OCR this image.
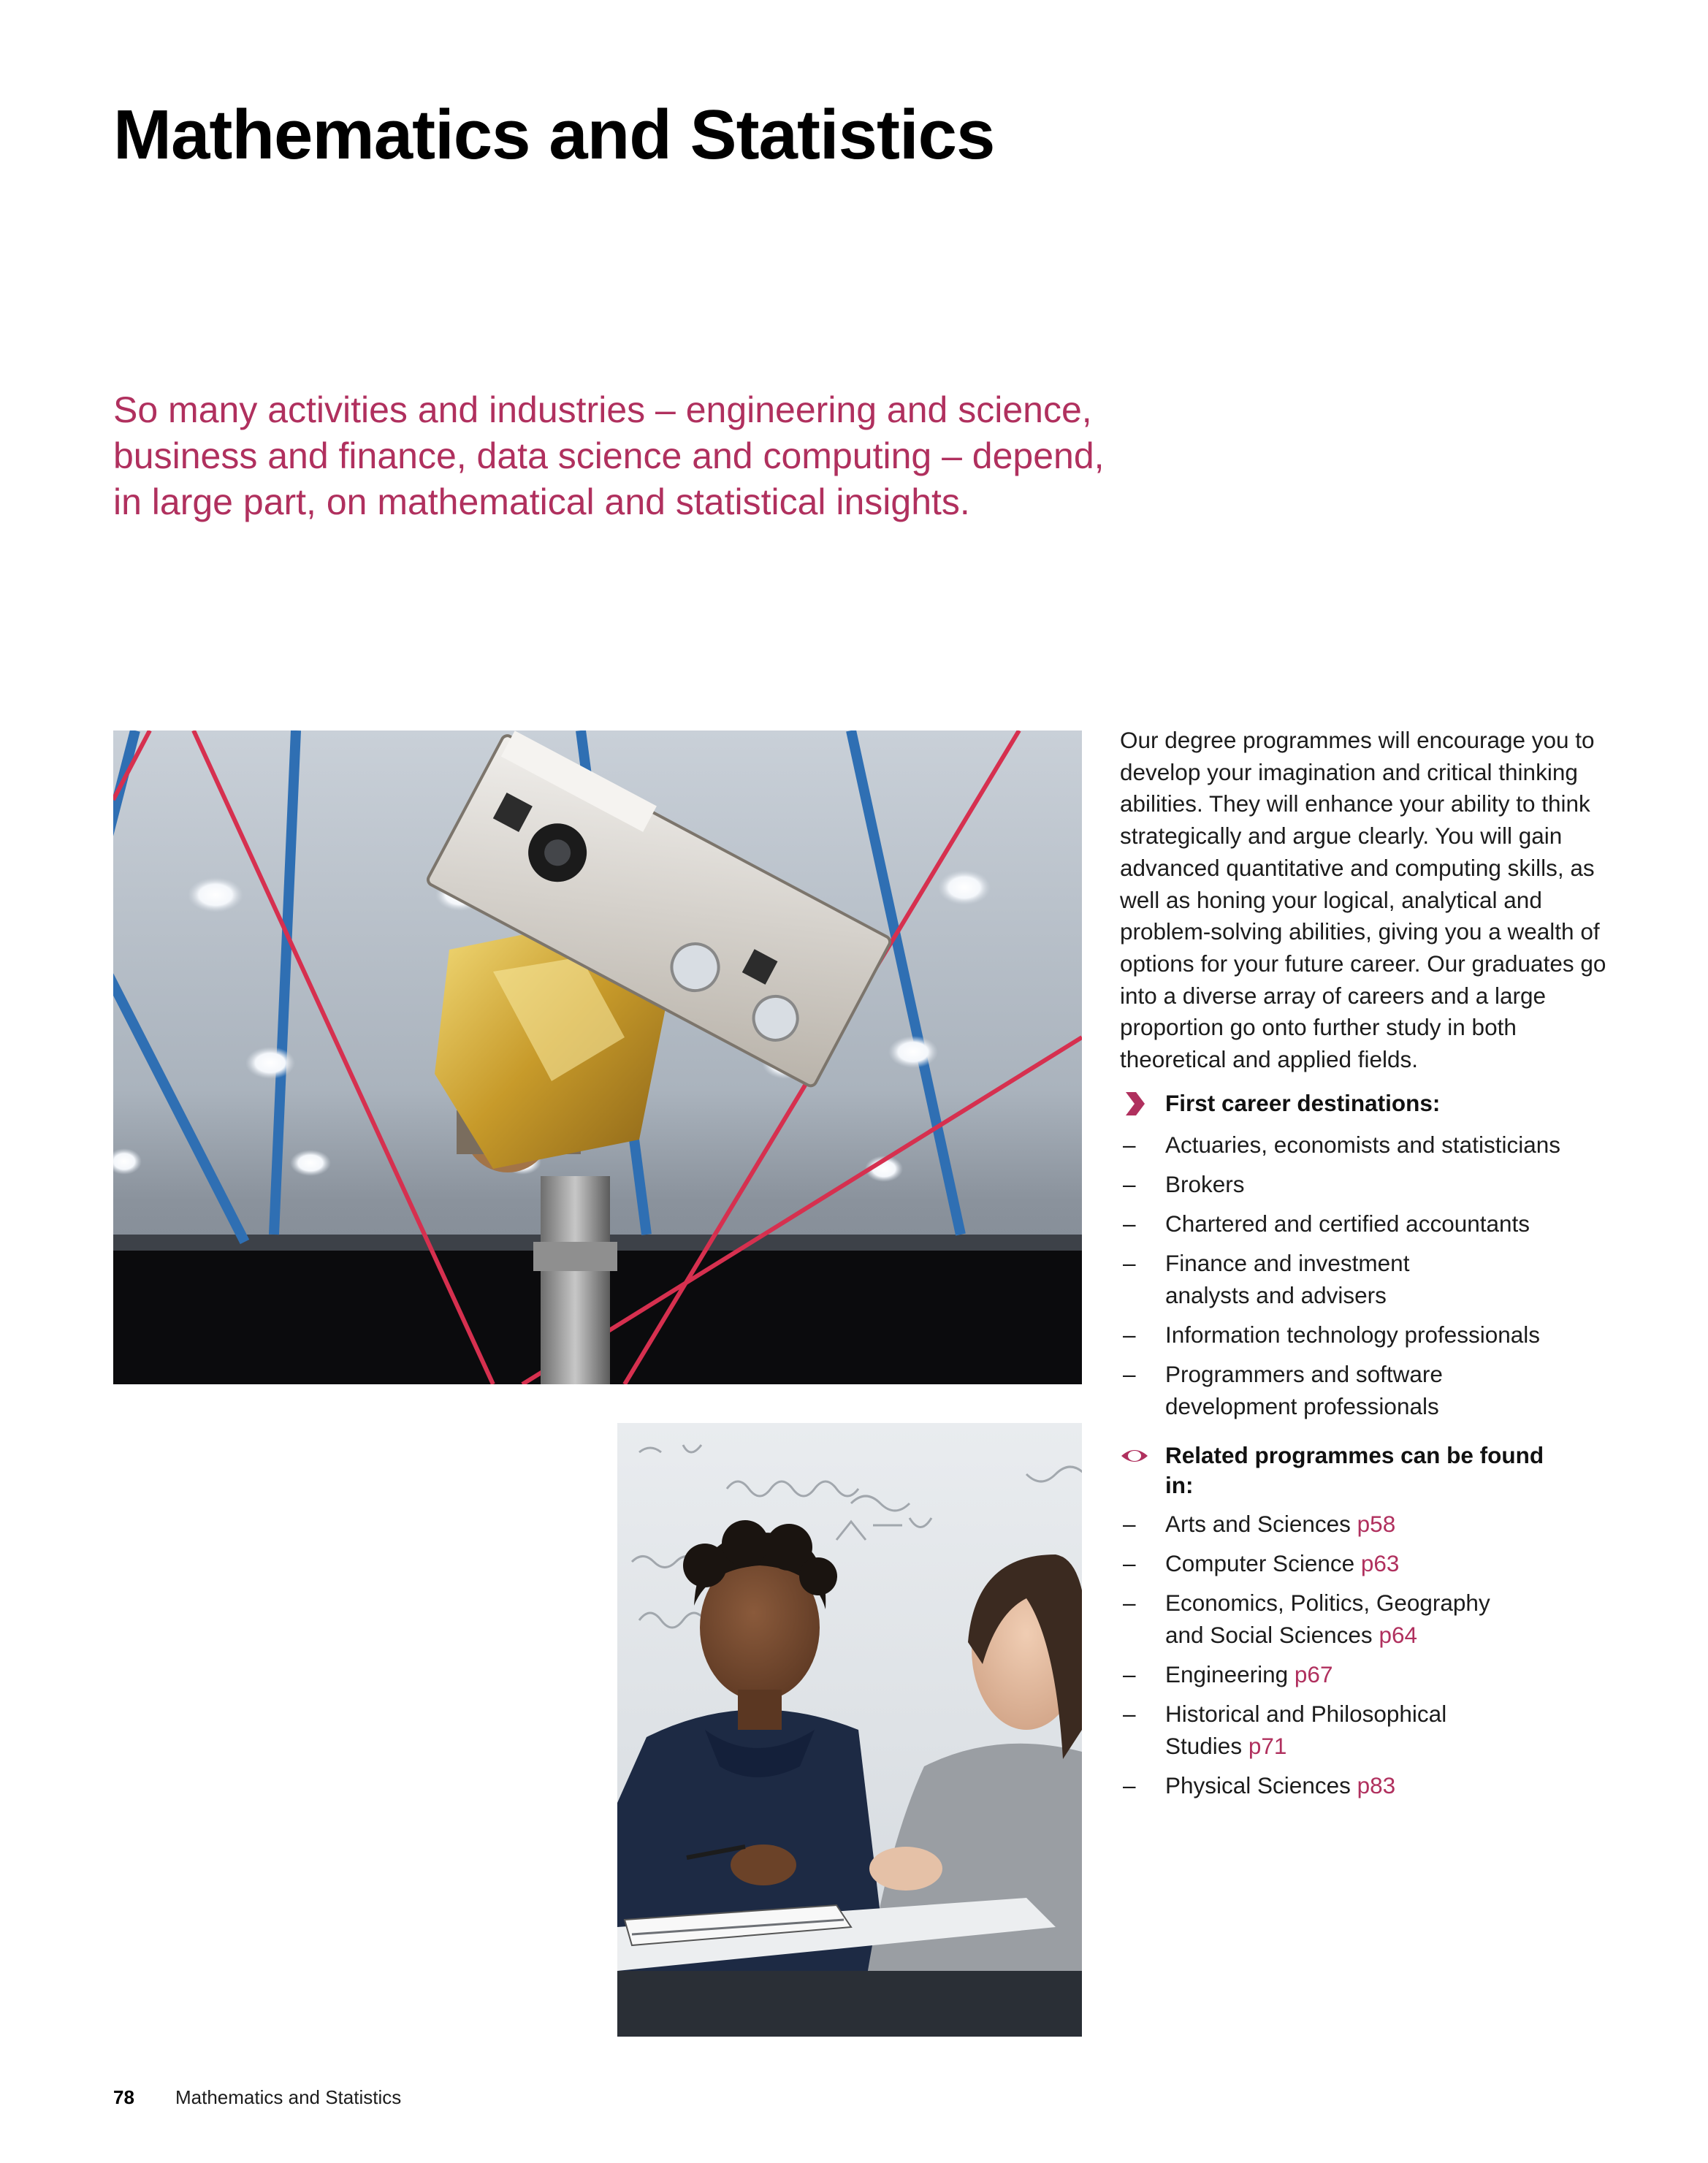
Mathematics and Statistics

So many activities and industries – engineering and science, business and finance, data science and computing – depend, in large part, on mathematical and statistical insights.

Our degree programmes will encourage you to develop your imagination and critical thinking abilities. They will enhance your ability to think strategically and argue clearly. You will gain advanced quantitative and computing skills, as well as honing your logical, analytical and problem-solving abilities, giving you a wealth of options for your future career. Our graduates go into a diverse array of careers and a large proportion go onto further study in both theoretical and applied fields.

First career destinations:
– Actuaries, economists and statisticians
– Brokers
– Chartered and certified accountants
– Finance and investment analysts and advisers
– Information technology professionals
– Programmers and software development professionals
Related programmes can be found in:
– Arts and Sciences p58
– Computer Science p63
– Economics, Politics, Geography and Social Sciences p64
– Engineering p67
– Historical and Philosophical Studies p71
– Physical Sciences p83
78 Mathematics and Statistics
